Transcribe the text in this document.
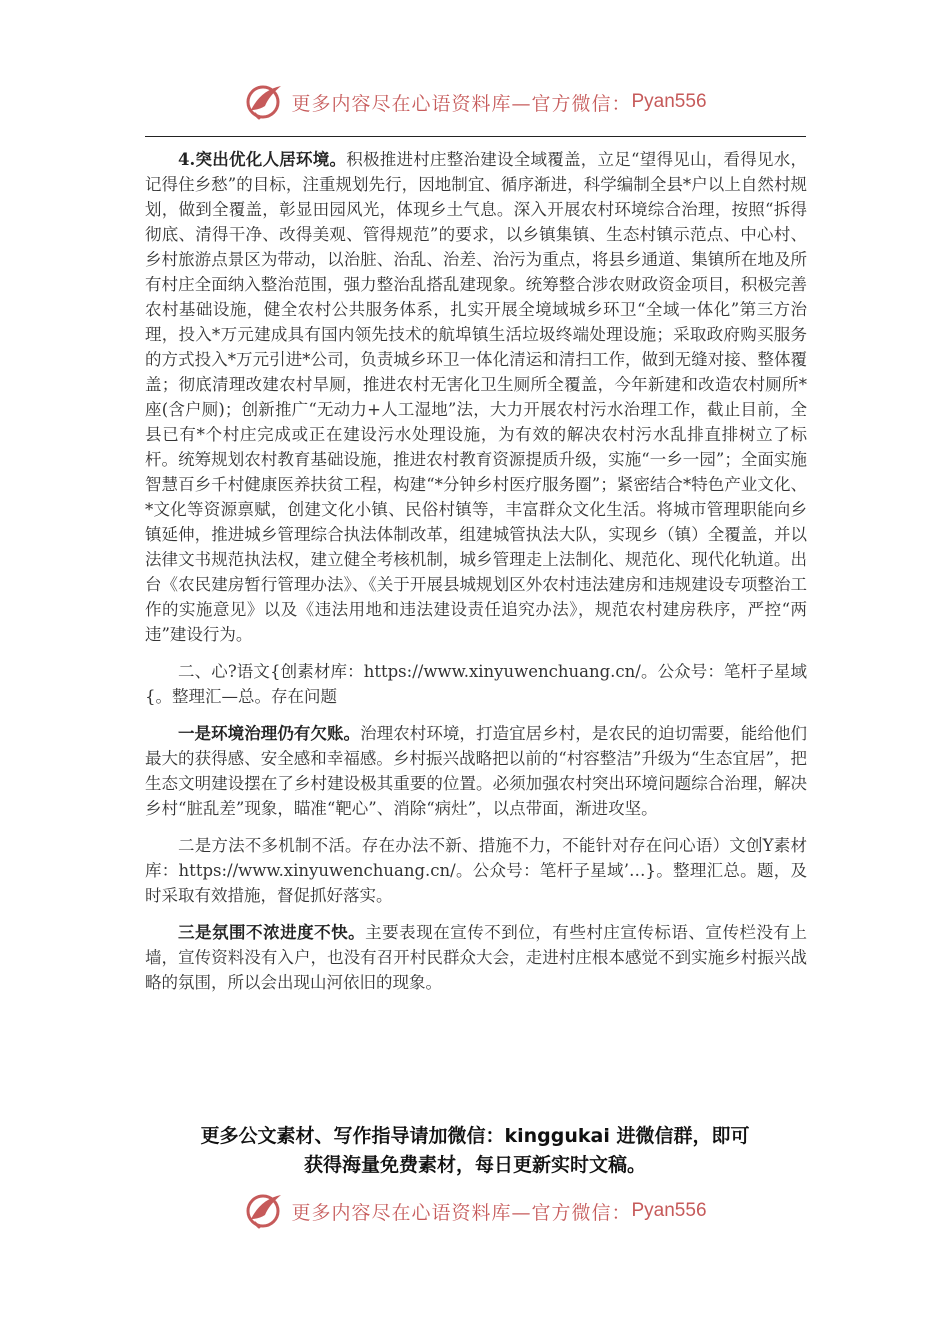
更多内容尽在心语资料库—官方微信： Pyan556

4.突出优化人居环境。积极推进村庄整治建设全域覆盖，立足“望得见山，看得见水，记得住乡愁”的目标，注重规划先行，因地制宜、循序渐进，科学编制全县*户以上自然村规划，做到全覆盖，彰显田园风光，体现乡土气息。深入开展农村环境综合治理，按照“拆得彻底、清得干净、改得美观、管得规范”的要求，以乡镇集镇、生态村镇示范点、中心村、乡村旅游点景区为带动，以治脏、治乱、治差、治污为重点，将县乡通道、集镇所在地及所有村庄全面纳入整治范围，强力整治乱搭乱建现象。统筹整合涉农财政资金项目，积极完善农村基础设施，健全农村公共服务体系，扎实开展全境域城乡环卫“全域一体化”第三方治理，投入*万元建成具有国内领先技术的航埠镇生活垃圾终端处理设施；采取政府购买服务的方式投入*万元引进*公司，负责城乡环卫一体化清运和清扫工作，做到无缝对接、整体覆盖；彻底清理改建农村旱厕，推进农村无害化卫生厕所全覆盖，今年新建和改造农村厕所*座(含户厕)；创新推广“无动力+人工湿地”法，大力开展农村污水治理工作，截止目前，全县已有*个村庄完成或正在建设污水处理设施，为有效的解决农村污水乱排直排树立了标杆。统筹规划农村教育基础设施，推进农村教育资源提质升级，实施“一乡一园”；全面实施智慧百乡千村健康医养扶贫工程，构建“*分钟乡村医疗服务圈”；紧密结合*特色产业文化、*文化等资源禀赋，创建文化小镇、民俗村镇等，丰富群众文化生活。将城市管理职能向乡镇延伸，推进城乡管理综合执法体制改革，组建城管执法大队，实现乡（镇）全覆盖，并以法律文书规范执法权，建立健全考核机制，城乡管理走上法制化、规范化、现代化轨道。出台《农民建房暂行管理办法》、《关于开展县城规划区外农村违法建房和违规建设专项整治工作的实施意见》以及《违法用地和违法建设责任追究办法》，规范农村建房秩序，严控“两违”建设行为。

二、心?语文{创素材库：https://www.xinyuwenchuang.cn/。公众号：笔杆子星域{。整理汇—总。存在问题

一是环境治理仍有欠账。治理农村环境，打造宜居乡村，是农民的迫切需要，能给他们最大的获得感、安全感和幸福感。乡村振兴战略把以前的“村容整洁”升级为“生态宜居”，把生态文明建设摆在了乡村建设极其重要的位置。必须加强农村突出环境问题综合治理，解决乡村“脏乱差”现象，瞄准“靶心”、消除“病灶”，以点带面，渐进攻坚。

二是方法不多机制不活。存在办法不新、措施不力，不能针对存在问心语）文创Y素材库：https://www.xinyuwenchuang.cn/。公众号：笔杆子星域’…}。整理汇总。题，及时采取有效措施，督促抓好落实。

三是氛围不浓进度不快。主要表现在宣传不到位，有些村庄宣传标语、宣传栏没有上墙，宣传资料没有入户，也没有召开村民群众大会，走进村庄根本感觉不到实施乡村振兴战略的氛围，所以会出现山河依旧的现象。

更多公文素材、写作指导请加微信：kinggukai 进微信群，即可
获得海量免费素材，每日更新实时文稿。
更多内容尽在心语资料库—官方微信： Pyan556
